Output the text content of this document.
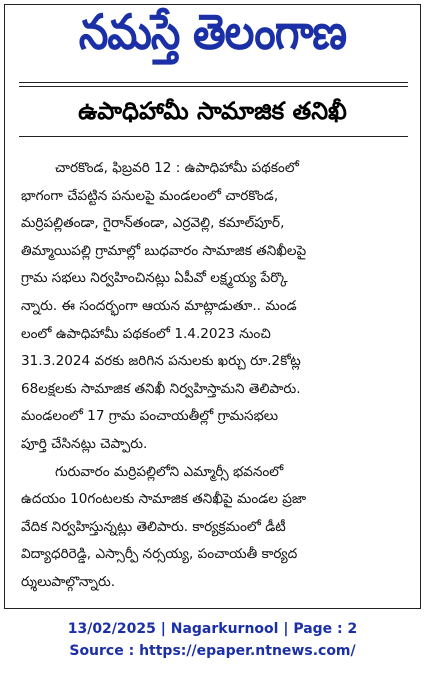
నమస్తే తెలంగాణ
ఉపాధిహామీ సామాజిక తనిఖీ
చారకొండ, ఫిబ్రవరి 12 : ఉపాధిహామీ పథకంలో
భాగంగా చేపట్టిన పనులపై మండలంలో చారకొండ,
మర్రిపల్లితండా, గైరాన్‌తండా, ఎర్రవెల్లి, కమాల్‌పూర్,
తిమ్మాయిపల్లి గ్రామాల్లో బుధవారం సామాజిక తనిఖీలపై
గ్రామ సభలు నిర్వహించినట్లు ఏపీవో లక్ష్మయ్య పేర్కొ
న్నారు. ఈ సందర్భంగా ఆయన మాట్లాడుతూ.. మండ
లంలో ఉపాధిహామీ పథకంలో 1.4.2023 నుంచి
31.3.2024 వరకు జరిగిన పనులకు ఖర్చు రూ.2కోట్ల
68లక్షలకు సామాజిక తనిఖీ నిర్వహిస్తామని తెలిపారు.
మండలంలో 17 గ్రామ పంచాయతీల్లో గ్రామసభలు
పూర్తి చేసినట్లు చెప్పారు.
గురువారం మర్రిపల్లిలోని ఎమ్మార్సీ భవనంలో
ఉదయం 10గంటలకు సామాజిక తనిఖీపై మండల ప్రజా
వేదిక నిర్వహిస్తున్నట్లు తెలిపారు. కార్యక్రమంలో డీటీ
విద్యాధరిరెడ్డి, ఎస్సార్పీ నర్సయ్య, పంచాయతీ కార్యద
ర్శులుపాల్గొన్నారు.
13/02/2025 | Nagarkurnool | Page : 2
Source : https://epaper.ntnews.com/
